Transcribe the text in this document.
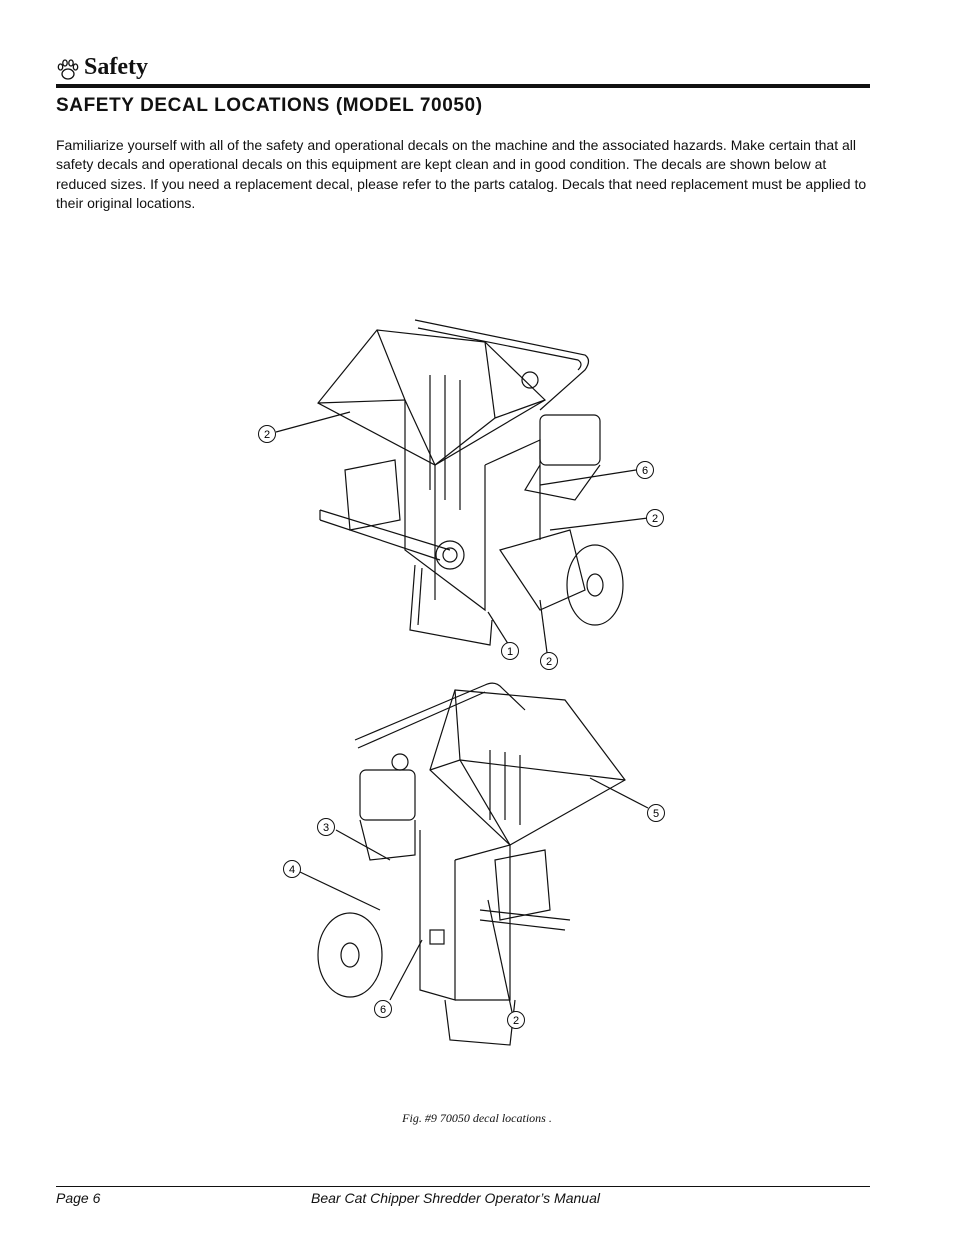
Safety
SAFETY DECAL LOCATIONS (MODEL 70050)

Familiarize yourself with all of the safety and operational decals on the machine and the associated hazards. Make certain that all safety decals and operational decals on this equipment are kept clean and in good condition. The decals are shown below at reduced sizes. If you need a replacement decal, please refer to the parts catalog. Decals that need replacement must be applied to their original locations.

2
6
2
1
2
3
4
5
6
2
Fig. #9 70050 decal locations .
Page 6	Bear Cat Chipper Shredder Operator’s Manual
